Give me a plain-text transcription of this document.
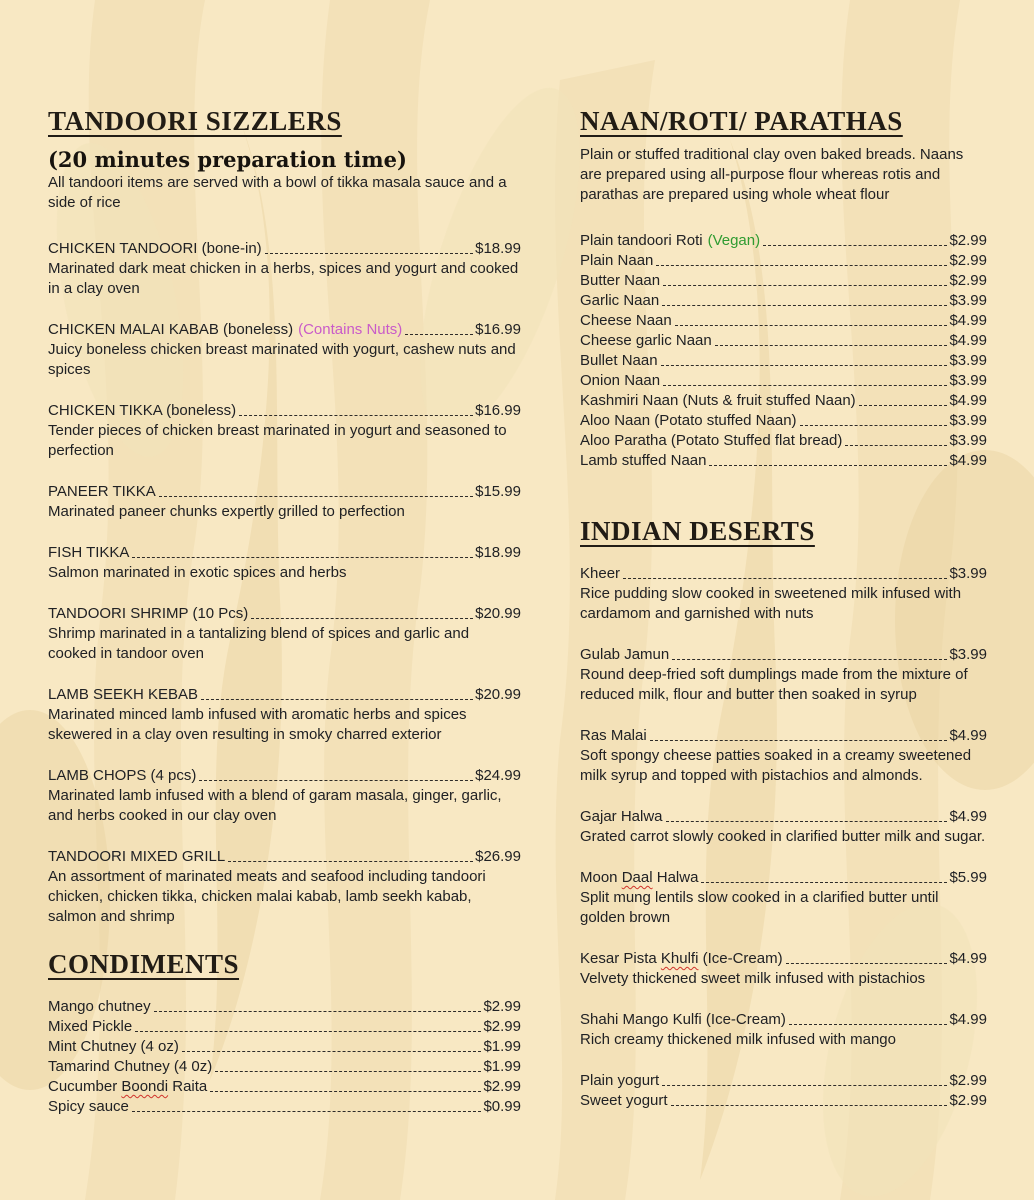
TANDOORI SIZZLERS
(20 minutes preparation time)

All tandoori items are served with a bowl of tikka masala sauce and a side of rice

CHICKEN TANDOORI (bone-in)	$18.99

Marinated dark meat chicken in a herbs, spices and yogurt and cooked in a clay oven

CHICKEN MALAI KABAB (boneless) (Contains Nuts)	$16.99

Juicy boneless chicken breast marinated with yogurt, cashew nuts and spices

CHICKEN TIKKA (boneless)	$16.99

Tender pieces of chicken breast marinated in yogurt and seasoned to perfection

PANEER TIKKA	$15.99

Marinated paneer chunks expertly grilled to perfection

FISH TIKKA	$18.99

Salmon marinated in exotic spices and herbs

TANDOORI SHRIMP (10 Pcs)	$20.99

Shrimp marinated in a tantalizing blend of spices and garlic and cooked in tandoor oven

LAMB SEEKH KEBAB	$20.99

Marinated minced lamb infused with aromatic herbs and spices skewered in a clay oven resulting in smoky charred exterior

LAMB CHOPS (4 pcs)	$24.99

Marinated lamb infused with a blend of garam masala, ginger, garlic, and herbs cooked in our clay oven

TANDOORI MIXED GRILL	$26.99

An assortment of marinated meats and seafood including tandoori chicken, chicken tikka, chicken malai kabab, lamb seekh kabab, salmon and shrimp

CONDIMENTS
Mango chutney	$2.99
Mixed Pickle	$2.99
Mint Chutney (4 oz)	$1.99
Tamarind Chutney (4 0z)	$1.99
Cucumber Boondi Raita	$2.99
Spicy sauce	$0.99
NAAN/ROTI/ PARATHAS

Plain or stuffed traditional clay oven baked breads. Naans are prepared using all-purpose flour whereas rotis and parathas are prepared using whole wheat flour

Plain tandoori Roti (Vegan)	$2.99
Plain Naan	$2.99
Butter Naan	$2.99
Garlic Naan	$3.99
Cheese Naan	$4.99
Cheese garlic Naan	$4.99
Bullet Naan	$3.99
Onion Naan	$3.99
Kashmiri Naan (Nuts & fruit stuffed Naan)	$4.99
Aloo Naan (Potato stuffed Naan)	$3.99
Aloo Paratha (Potato Stuffed flat bread)	$3.99
Lamb stuffed Naan	$4.99
INDIAN DESERTS
Kheer	$3.99

Rice pudding slow cooked in sweetened milk infused with cardamom and garnished with nuts

Gulab Jamun	$3.99

Round deep-fried soft dumplings made from the mixture of reduced milk, flour and butter then soaked in syrup

Ras Malai	$4.99

Soft spongy cheese patties soaked in a creamy sweetened milk syrup and topped with pistachios and almonds.

Gajar Halwa	$4.99

Grated carrot slowly cooked in clarified butter milk and sugar.

Moon Daal Halwa	$5.99

Split mung lentils slow cooked in a clarified butter until golden brown

Kesar Pista Khulfi (Ice-Cream)	$4.99

Velvety thickened sweet milk infused with pistachios

Shahi Mango Kulfi (Ice-Cream)	$4.99

Rich creamy thickened milk infused with mango

Plain yogurt	$2.99
Sweet yogurt	$2.99
